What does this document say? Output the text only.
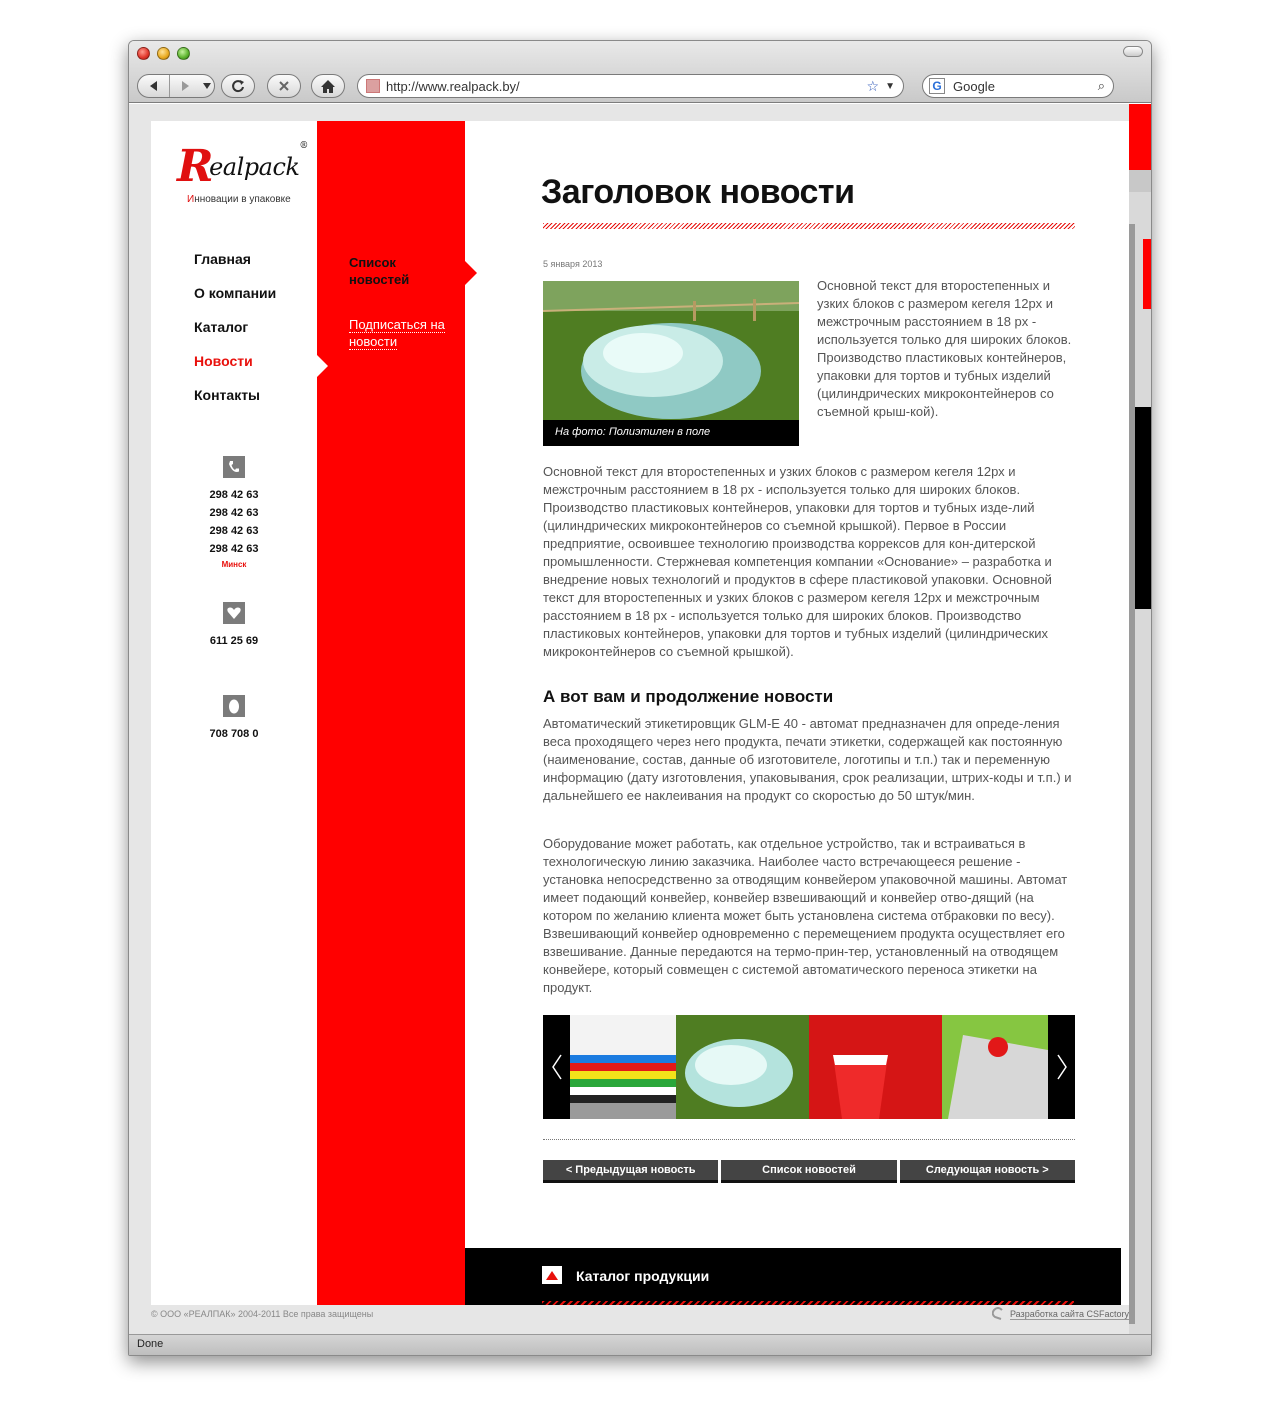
http://www.realpack.by/	☆ ▼	G Google	⌕
Realpack®
Инновации в упаковке
Главная
О компании
Каталог
Новости
Контакты
298 42 63
298 42 63
298 42 63
298 42 63
Минск
611 25 69
708 708 0
Список новостей
Подписаться на новости
Заголовок новости
5 января 2013
На фото: Полиэтилен в поле

Основной текст для второстепенных и узких блоков с размером кегеля 12рх и межстрочным расстоянием в 18 px - используется только для широких блоков. Производство пластиковых контейнеров, упаковки для тортов и тубных изделий (цилиндрических микроконтейнеров со съемной крыш-кой).

Основной текст для второстепенных и узких блоков с размером кегеля 12рх и межстрочным расстоянием в 18 px - используется только для широких блоков. Производство пластиковых контейнеров, упаковки для тортов и тубных изде-лий (цилиндрических микроконтейнеров со съемной крышкой). Первое в России предприятие, освоившее технологию производства коррексов для кон-дитерской промышленности. Стержневая компетенция компании «Основание» – разработка и внедрение новых технологий и продуктов в сфере пластиковой упаковки. Основной текст для второстепенных и узких блоков с размером кегеля 12рх и межстрочным расстоянием в 18 px - используется только для широких блоков. Производство пластиковых контейнеров, упаковки для тортов и тубных изделий (цилиндрических микроконтейнеров со съемной крышкой).

А вот вам и продолжение новости

Автоматический этикетировщик GLM-E 40 - автомат предназначен для опреде-ления веса проходящего через него продукта, печати этикетки, содержащей как постоянную (наименование, состав, данные об изготовителе, логотипы и т.п.) так и переменную информацию (дату изготовления, упаковывания, срок реализации, штрих-коды и т.п.) и дальнейшего ее наклеивания на продукт со скоростью до 50 штук/мин.

Оборудование может работать, как отдельное устройство, так и встраиваться в технологическую линию заказчика. Наиболее часто встречающееся решение - установка непосредственно за отводящим конвейером упаковочной машины. Автомат имеет подающий конвейер, конвейер взвешивающий и конвейер отво-дящий (на котором по желанию клиента может быть установлена система отбраковки по весу). Взвешивающий конвейер одновременно с перемещением продукта осуществляет его взвешивание. Данные передаются на термо-прин-тер, установленный на отводящем конвейере, который совмещен с системой автоматического переноса этикетки на продукт.

< Предыдущая новость	Список новостей	Следующая новость >
Каталог продукции
© ООО «РЕАЛПАК» 2004-2011 Все права защищены	Разработка сайта CSFactory
Done
